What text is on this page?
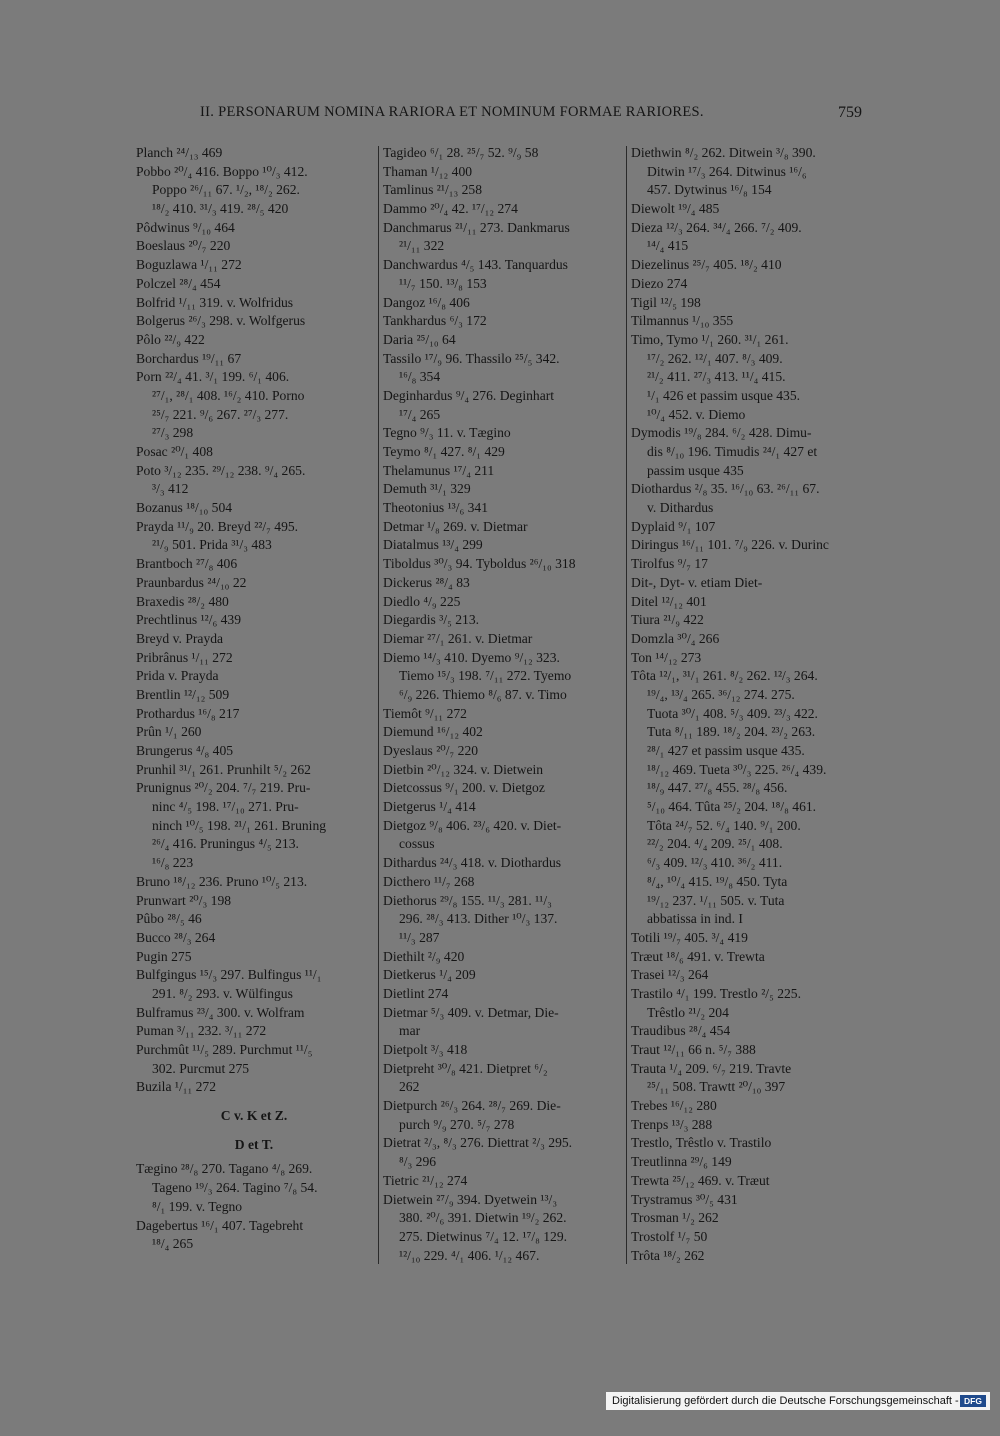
II. PERSONARUM NOMINA RARIORA ET NOMINUM FORMAE RARIORES.	759
Planch ²⁴/₁₃ 469
Pobbo ²⁰/₄ 416. Boppo ¹⁰/₃ 412.
Poppo ²⁶/₁₁ 67. ¹/₂, ¹⁸/₂ 262.
¹⁸/₂ 410. ³¹/₃ 419. ²⁸/₅ 420
Pôdwinus ⁹/₁₀ 464
Boeslaus ²⁰/₇ 220
Boguzlawa ¹/₁₁ 272
Polczel ²⁸/₄ 454
Bolfrid ¹/₁₁ 319. v. Wolfridus
Bolgerus ²⁶/₃ 298. v. Wolfgerus
Pôlo ²²/₉ 422
Borchardus ¹⁹/₁₁ 67
Porn ²²/₄ 41. ³/₁ 199. ⁶/₁ 406.
²⁷/₁, ²⁸/₁ 408. ¹⁶/₂ 410. Porno
²⁵/₇ 221. ⁹/₆ 267. ²⁷/₃ 277.
²⁷/₃ 298
Posac ²⁰/₁ 408
Poto ³/₁₂ 235. ²⁹/₁₂ 238. ⁹/₄ 265.
³/₃ 412
Bozanus ¹⁸/₁₀ 504
Prayda ¹¹/₉ 20. Breyd ²²/₇ 495.
²¹/₉ 501. Prida ³¹/₃ 483
Brantboch ²⁷/₈ 406
Praunbardus ²⁴/₁₀ 22
Braxedis ²⁸/₂ 480
Prechtlinus ¹²/₆ 439
Breyd v. Prayda
Pribrânus ¹/₁₁ 272
Prida v. Prayda
Brentlin ¹²/₁₂ 509
Prothardus ¹⁶/₈ 217
Prûn ¹/₁ 260
Brungerus ⁴/₈ 405
Prunhil ³¹/₁ 261. Prunhilt ⁵/₂ 262
Prunignus ²⁰/₂ 204. ⁷/₇ 219. Pru-
ninc ⁴/₅ 198. ¹⁷/₁₀ 271. Pru-
ninch ¹⁰/₅ 198. ²¹/₁ 261. Bruning
²⁶/₄ 416. Pruningus ⁴/₅ 213.
¹⁶/₈ 223
Bruno ¹⁸/₁₂ 236. Pruno ¹⁰/₅ 213.
Prunwart ²⁰/₃ 198
Pûbo ²⁸/₅ 46
Bucco ²⁸/₃ 264
Pugin 275
Bulfgingus ¹⁵/₃ 297. Bulfingus ¹¹/₁
291. ⁸/₂ 293. v. Wülfingus
Bulframus ²³/₄ 300. v. Wolfram
Puman ³/₁₁ 232. ³/₁₁ 272
Purchmût ¹¹/₅ 289. Purchmut ¹¹/₅
302. Purcmut 275
Buzila ¹/₁₁ 272
C v. K et Z.
D et T.
Tægino ²⁸/₈ 270. Tagano ⁴/₈ 269.
Tageno ¹⁹/₃ 264. Tagino ⁷/₈ 54.
⁸/₁ 199. v. Tegno
Dagebertus ¹⁶/₁ 407. Tagebreht
¹⁸/₄ 265
Tagideo ⁶/₁ 28. ²⁵/₇ 52. ⁹/₉ 58
Thaman ¹/₁₂ 400
Tamlinus ²¹/₁₃ 258
Dammo ²⁰/₄ 42. ¹⁷/₁₂ 274
Danchmarus ²¹/₁₁ 273. Dankmarus
²¹/₁₁ 322
Danchwardus ⁴/₅ 143. Tanquardus
¹¹/₇ 150. ¹³/₈ 153
Dangoz ¹⁶/₈ 406
Tankhardus ⁶/₃ 172
Daria ²⁵/₁₀ 64
Tassilo ¹⁷/₉ 96. Thassilo ²⁵/₅ 342.
¹⁶/₈ 354
Deginhardus ⁹/₄ 276. Deginhart
¹⁷/₄ 265
Tegno ⁹/₃ 11. v. Tægino
Teymo ⁸/₁ 427. ⁸/₁ 429
Thelamunus ¹⁷/₄ 211
Demuth ³¹/₁ 329
Theotonius ¹³/₆ 341
Detmar ¹/₈ 269. v. Dietmar
Diatalmus ¹³/₄ 299
Tiboldus ³⁰/₃ 94. Tyboldus ²⁶/₁₀ 318
Dickerus ²⁸/₄ 83
Diedlo ⁴/₉ 225
Diegardis ³/₅ 213.
Diemar ²⁷/₁ 261. v. Dietmar
Diemo ¹⁴/₃ 410. Dyemo ⁹/₁₂ 323.
Tiemo ¹⁵/₃ 198. ⁷/₁₁ 272. Tyemo
⁶/₉ 226. Thiemo ⁸/₆ 87. v. Timo
Tiemôt ⁹/₁₁ 272
Diemund ¹⁶/₁₂ 402
Dyeslaus ²⁰/₇ 220
Dietbin ²⁰/₁₂ 324. v. Dietwein
Dietcossus ⁹/₁ 200. v. Dietgoz
Dietgerus ¹/₄ 414
Dietgoz ⁹/₈ 406. ²³/₆ 420. v. Diet-
cossus
Dithardus ²⁴/₃ 418. v. Diothardus
Dicthero ¹¹/₇ 268
Diethorus ²⁹/₈ 155. ¹¹/₃ 281. ¹¹/₃
296. ²⁸/₃ 413. Dither ¹⁰/₃ 137.
¹¹/₃ 287
Diethilt ²/₉ 420
Dietkerus ¹/₄ 209
Dietlint 274
Dietmar ⁵/₃ 409. v. Detmar, Die-
mar
Dietpolt ³/₃ 418
Dietpreht ³⁰/₈ 421. Dietpret ⁶/₂
262
Dietpurch ²⁶/₃ 264. ²⁸/₇ 269. Die-
purch ⁹/₉ 270. ⁵/₇ 278
Dietrat ²/₃, ⁸/₃ 276. Diettrat ²/₃ 295.
⁸/₃ 296
Tietric ²¹/₁₂ 274
Dietwein ²⁷/₉ 394. Dyetwein ¹³/₃
380. ²⁰/₆ 391. Dietwin ¹⁹/₂ 262.
275. Dietwinus ⁷/₄ 12. ¹⁷/₈ 129.
¹²/₁₀ 229. ⁴/₁ 406. ¹/₁₂ 467.
Diethwin ⁸/₂ 262. Ditwein ³/₈ 390.
Ditwin ¹⁷/₃ 264. Ditwinus ¹⁶/₆
457. Dytwinus ¹⁶/₈ 154
Diewolt ¹⁹/₄ 485
Dieza ¹²/₃ 264. ³⁴/₄ 266. ⁷/₂ 409.
¹⁴/₄ 415
Diezelinus ²⁵/₇ 405. ¹⁸/₂ 410
Diezo 274
Tigil ¹²/₅ 198
Tilmannus ¹/₁₀ 355
Timo, Tymo ¹/₁ 260. ³¹/₁ 261.
¹⁷/₂ 262. ¹²/₁ 407. ⁸/₃ 409.
²¹/₂ 411. ²⁷/₃ 413. ¹¹/₄ 415.
¹/₁ 426 et passim usque 435.
¹⁰/₄ 452. v. Diemo
Dymodis ¹⁹/₈ 284. ⁶/₂ 428. Dimu-
dis ⁸/₁₀ 196. Timudis ²⁴/₁ 427 et
passim usque 435
Diothardus ²/₈ 35. ¹⁶/₁₀ 63. ²⁶/₁₁ 67.
v. Dithardus
Dyplaid ⁹/₁ 107
Diringus ¹⁶/₁₁ 101. ⁷/₉ 226. v. Durinc
Tirolfus ⁹/₇ 17
Dit-, Dyt- v. etiam Diet-
Ditel ¹²/₁₂ 401
Tiura ²¹/₉ 422
Domzla ³⁰/₄ 266
Ton ¹⁴/₁₂ 273
Tôta ¹²/₁, ³¹/₁ 261. ⁸/₂ 262. ¹²/₃ 264.
¹⁹/₄, ¹³/₄ 265. ³⁶/₁₂ 274. 275.
Tuota ³⁰/₁ 408. ⁵/₃ 409. ²³/₃ 422.
Tuta ⁸/₁₁ 189. ¹⁸/₂ 204. ²³/₂ 263.
²⁸/₁ 427 et passim usque 435.
¹⁸/₁₂ 469. Tueta ³⁰/₃ 225. ²⁶/₄ 439.
¹⁸/₉ 447. ²⁷/₈ 455. ²⁸/₈ 456.
⁵/₁₀ 464. Tûta ²⁵/₂ 204. ¹⁸/₈ 461.
Tôta ²⁴/₇ 52. ⁶/₄ 140. ⁹/₁ 200.
²²/₂ 204. ⁴/₄ 209. ²⁵/₁ 408.
⁶/₃ 409. ¹²/₃ 410. ³⁶/₂ 411.
⁸/₄, ¹⁰/₄ 415. ¹⁹/₈ 450. Tyta
¹⁹/₁₂ 237. ¹/₁₁ 505. v. Tuta
abbatissa in ind. I
Totili ¹⁹/₇ 405. ³/₄ 419
Træut ¹⁸/₆ 491. v. Trewta
Trasei ¹²/₃ 264
Trastilo ⁴/₁ 199. Trestlo ²/₅ 225.
Trêstlo ²¹/₂ 204
Traudibus ²⁸/₄ 454
Traut ¹²/₁₁ 66 n. ⁵/₇ 388
Trauta ¹/₄ 209. ⁶/₇ 219. Travte
²⁵/₁₁ 508. Trawtt ²⁰/₁₀ 397
Trebes ¹⁶/₁₂ 280
Trenps ¹³/₃ 288
Trestlo, Trêstlo v. Trastilo
Treutlinna ²⁹/₆ 149
Trewta ²⁵/₁₂ 469. v. Træut
Trystramus ³⁰/₅ 431
Trosman ¹/₂ 262
Trostolf ¹/₇ 50
Trôta ¹⁸/₂ 262
Digitalisierung gefördert durch die Deutsche Forschungsgemeinschaft - DFG
